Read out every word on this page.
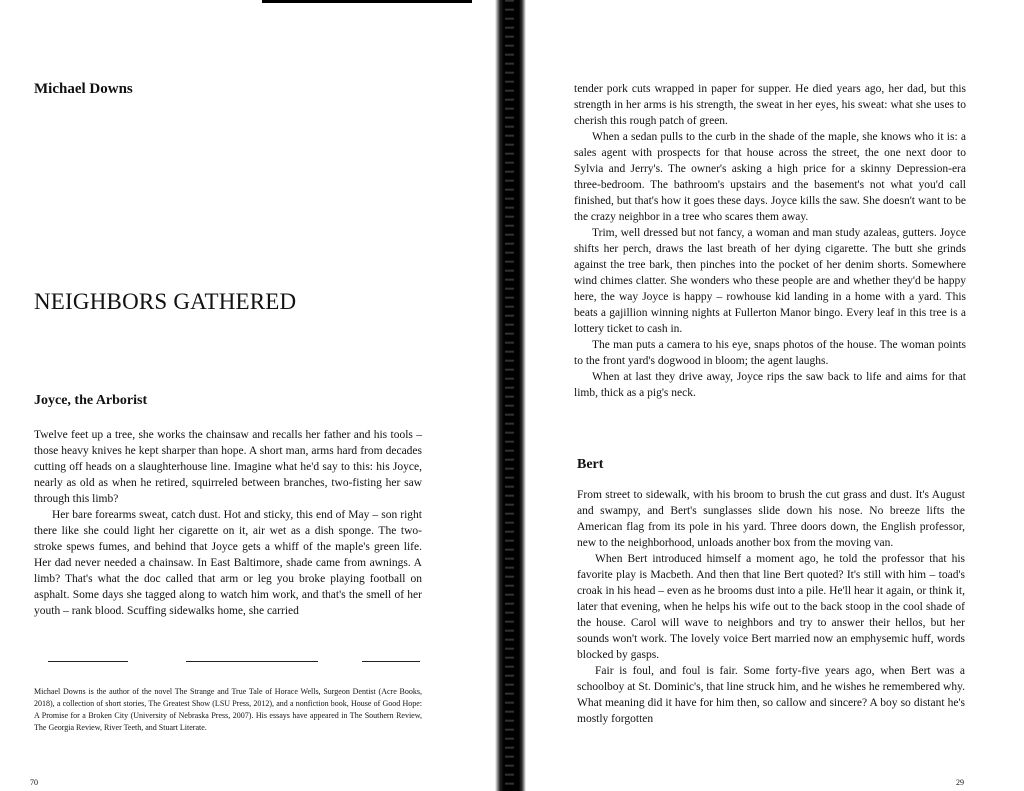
Michael Downs
NEIGHBORS GATHERED
Joyce, the Arborist

Twelve feet up a tree, she works the chainsaw and recalls her father and his tools – those heavy knives he kept sharper than hope. A short man, arms hard from decades cutting off heads on a slaughterhouse line. Imagine what he'd say to this: his Joyce, nearly as old as when he retired, squirreled between branches, two-fisting her saw through this limb?

Her bare forearms sweat, catch dust. Hot and sticky, this end of May – son right there like she could light her cigarette on it, air wet as a dish sponge. The two-stroke spews fumes, and behind that Joyce gets a whiff of the maple's green life. Her dad never needed a chainsaw. In East Baltimore, shade came from awnings. A limb? That's what the doc called that arm or leg you broke playing football on asphalt. Some days she tagged along to watch him work, and that's the smell of her youth – rank blood. Scuffing sidewalks home, she carried

Michael Downs is the author of the novel The Strange and True Tale of Horace Wells, Surgeon Dentist (Acre Books, 2018), a collection of short stories, The Greatest Show (LSU Press, 2012), and a nonfiction book, House of Good Hope: A Promise for a Broken City (University of Nebraska Press, 2007). His essays have appeared in The Southern Review, The Georgia Review, River Teeth, and Stuart Literate.
70

tender pork cuts wrapped in paper for supper. He died years ago, her dad, but this strength in her arms is his strength, the sweat in her eyes, his sweat: what she uses to cherish this rough patch of green.

When a sedan pulls to the curb in the shade of the maple, she knows who it is: a sales agent with prospects for that house across the street, the one next door to Sylvia and Jerry's. The owner's asking a high price for a skinny Depression-era three-bedroom. The bathroom's upstairs and the basement's not what you'd call finished, but that's how it goes these days. Joyce kills the saw. She doesn't want to be the crazy neighbor in a tree who scares them away.

Trim, well dressed but not fancy, a woman and man study azaleas, gutters. Joyce shifts her perch, draws the last breath of her dying cigarette. The butt she grinds against the tree bark, then pinches into the pocket of her denim shorts. Somewhere wind chimes clatter. She wonders who these people are and whether they'd be happy here, the way Joyce is happy – rowhouse kid landing in a home with a yard. This beats a gajillion winning nights at Fullerton Manor bingo. Every leaf in this tree is a lottery ticket to cash in.

The man puts a camera to his eye, snaps photos of the house. The woman points to the front yard's dogwood in bloom; the agent laughs.

When at last they drive away, Joyce rips the saw back to life and aims for that limb, thick as a pig's neck.

Bert

From street to sidewalk, with his broom to brush the cut grass and dust. It's August and swampy, and Bert's sunglasses slide down his nose. No breeze lifts the American flag from its pole in his yard. Three doors down, the English professor, new to the neighborhood, unloads another box from the moving van.

When Bert introduced himself a moment ago, he told the professor that his favorite play is Macbeth. And then that line Bert quoted? It's still with him – toad's croak in his head – even as he brooms dust into a pile. He'll hear it again, or think it, later that evening, when he helps his wife out to the back stoop in the cool shade of the house. Carol will wave to neighbors and try to answer their hellos, but her sounds won't work. The lovely voice Bert married now an emphysemic huff, words blocked by gasps.

Fair is foul, and foul is fair. Some forty-five years ago, when Bert was a schoolboy at St. Dominic's, that line struck him, and he wishes he remembered why. What meaning did it have for him then, so callow and sincere? A boy so distant he's mostly forgotten

29
